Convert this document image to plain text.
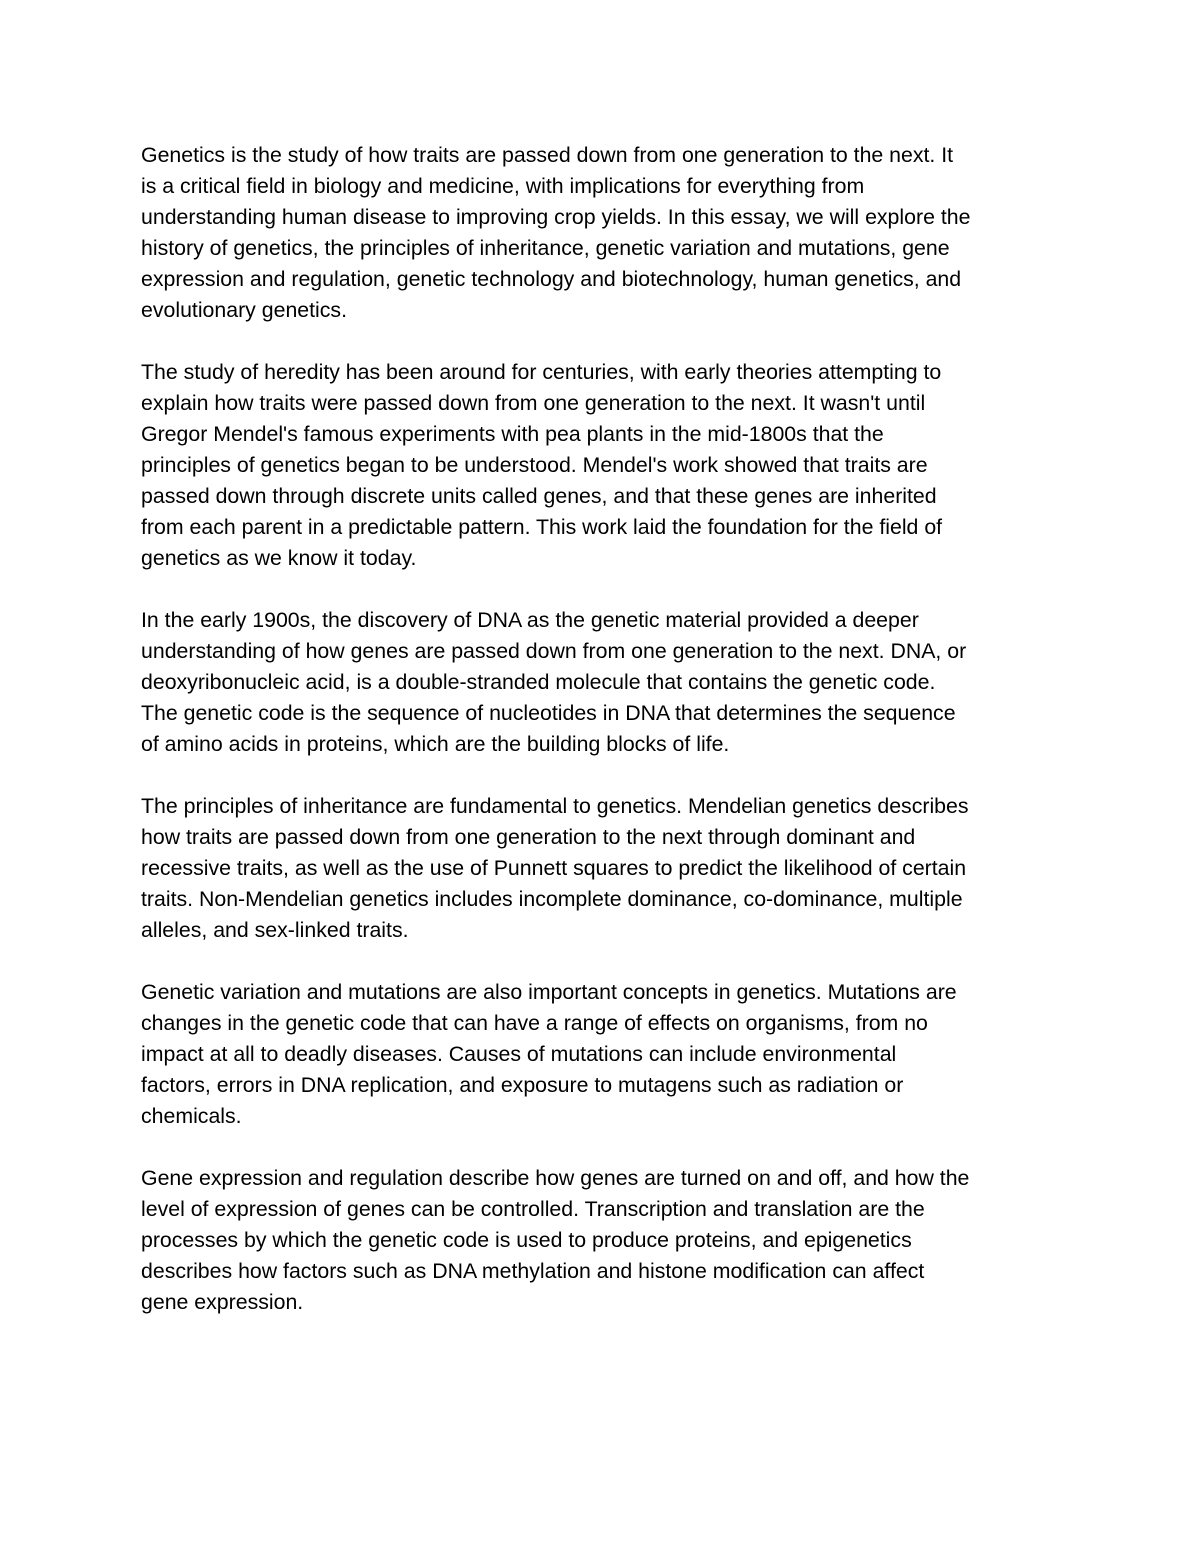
Genetics is the study of how traits are passed down from one generation to the next. It
is a critical field in biology and medicine, with implications for everything from
understanding human disease to improving crop yields. In this essay, we will explore the
history of genetics, the principles of inheritance, genetic variation and mutations, gene
expression and regulation, genetic technology and biotechnology, human genetics, and
evolutionary genetics.

The study of heredity has been around for centuries, with early theories attempting to
explain how traits were passed down from one generation to the next. It wasn't until
Gregor Mendel's famous experiments with pea plants in the mid-1800s that the
principles of genetics began to be understood. Mendel's work showed that traits are
passed down through discrete units called genes, and that these genes are inherited
from each parent in a predictable pattern. This work laid the foundation for the field of
genetics as we know it today.

In the early 1900s, the discovery of DNA as the genetic material provided a deeper
understanding of how genes are passed down from one generation to the next. DNA, or
deoxyribonucleic acid, is a double-stranded molecule that contains the genetic code.
The genetic code is the sequence of nucleotides in DNA that determines the sequence
of amino acids in proteins, which are the building blocks of life.

The principles of inheritance are fundamental to genetics. Mendelian genetics describes
how traits are passed down from one generation to the next through dominant and
recessive traits, as well as the use of Punnett squares to predict the likelihood of certain
traits. Non-Mendelian genetics includes incomplete dominance, co-dominance, multiple
alleles, and sex-linked traits.

Genetic variation and mutations are also important concepts in genetics. Mutations are
changes in the genetic code that can have a range of effects on organisms, from no
impact at all to deadly diseases. Causes of mutations can include environmental
factors, errors in DNA replication, and exposure to mutagens such as radiation or
chemicals.

Gene expression and regulation describe how genes are turned on and off, and how the
level of expression of genes can be controlled. Transcription and translation are the
processes by which the genetic code is used to produce proteins, and epigenetics
describes how factors such as DNA methylation and histone modification can affect
gene expression.
